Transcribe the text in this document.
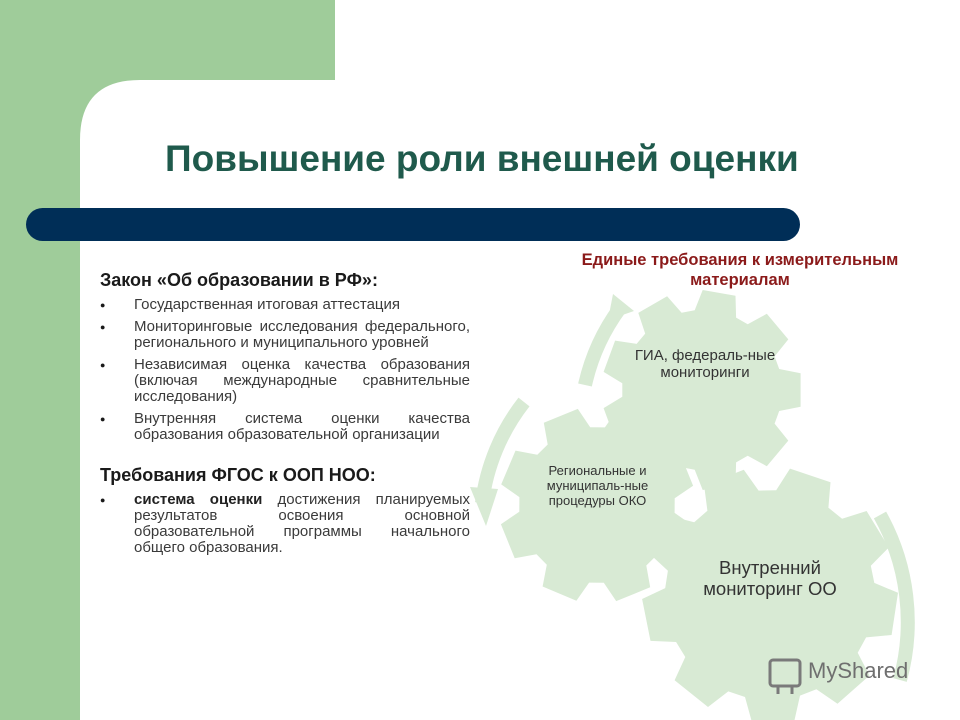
Повышение роли внешней оценки

Закон «Об образовании в РФ»:

● Государственная итоговая аттестация
● Мониторинговые исследования федерального, регионального и муниципального уровней
● Независимая оценка качества образования (включая международные сравнительные исследования)
● Внутренняя система оценки качества образования образовательной организации

Требования ФГОС к ООП НОО:

● система оценки достижения планируемых результатов освоения основной образовательной программы начального общего образования.
Единые требования к измерительным материалам
ГИА, федераль-ные мониторинги
Региональные и муниципаль-ные процедуры ОКО
Внутренний мониторинг ОО
MyShared
